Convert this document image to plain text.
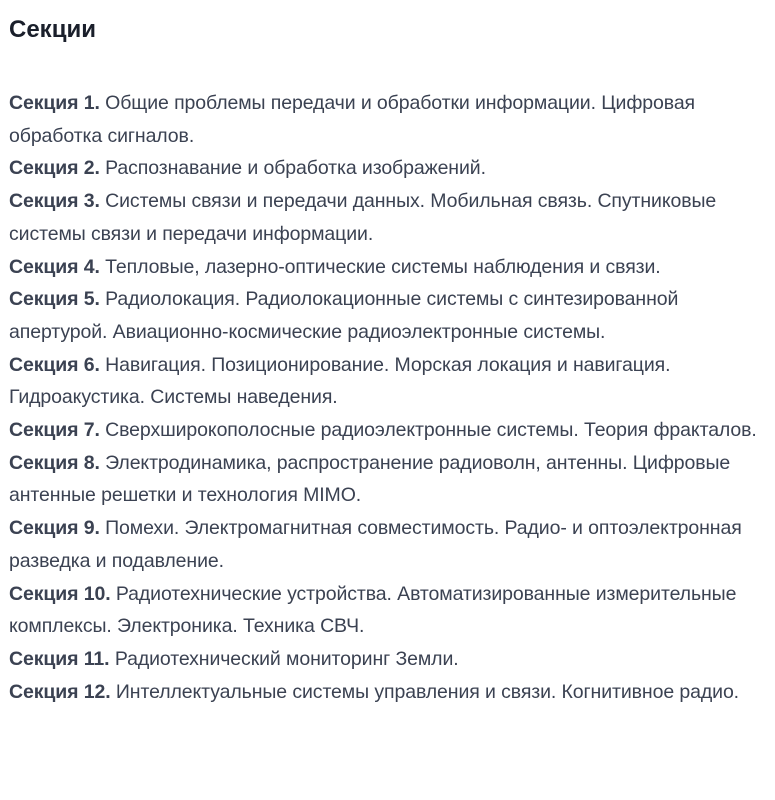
Секции
Секция 1. Общие проблемы передачи и обработки информации. Цифровая обработка сигналов.
Секция 2. Распознавание и обработка изображений.
Секция 3. Системы связи и передачи данных. Мобильная связь. Спутниковые системы связи и передачи информации.
Секция 4. Тепловые, лазерно-оптические системы наблюдения и связи.
Секция 5. Радиолокация. Радиолокационные системы с синтезированной апертурой. Авиационно-космические радиоэлектронные системы.
Секция 6. Навигация. Позиционирование. Морская локация и навигация. Гидроакустика. Системы наведения.
Секция 7. Сверхширокополосные радиоэлектронные системы. Теория фракталов.
Секция 8. Электродинамика, распространение радиоволн, антенны. Цифровые антенные решетки и технология MIMO.
Секция 9. Помехи. Электромагнитная совместимость. Радио- и оптоэлектронная разведка и подавление.
Секция 10. Радиотехнические устройства. Автоматизированные измерительные комплексы. Электроника. Техника СВЧ.
Секция 11. Радиотехнический мониторинг Земли.
Секция 12. Интеллектуальные системы управления и связи. Когнитивное радио.
